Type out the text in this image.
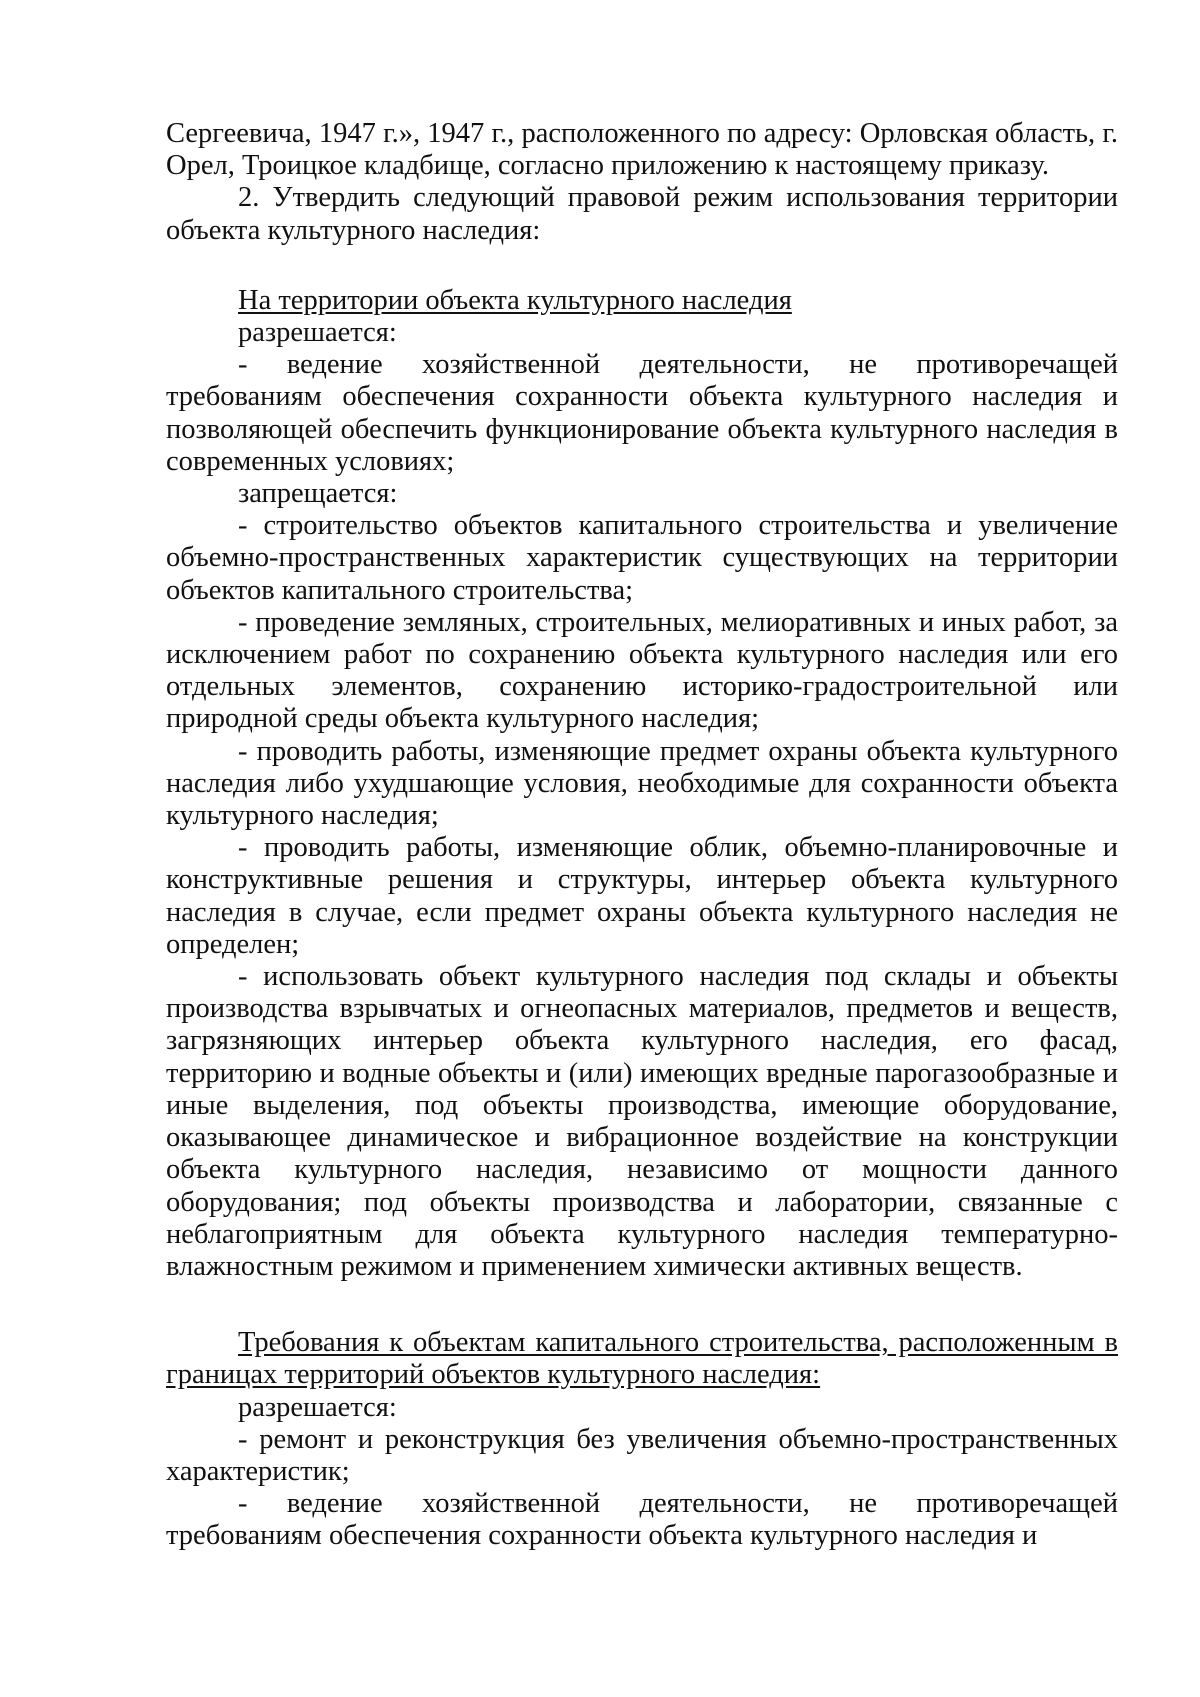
Сергеевича, 1947 г.», 1947 г., расположенного по адресу: Орловская область, г. Орел, Троицкое кладбище, согласно приложению к настоящему приказу.

2. Утвердить следующий правовой режим использования территории объекта культурного наследия:

На территории объекта культурного наследия

разрешается:

- ведение хозяйственной деятельности, не противоречащей требованиям обеспечения сохранности объекта культурного наследия и позволяющей обеспечить функционирование объекта культурного наследия в современных условиях;

запрещается:

- строительство объектов капитального строительства и увеличение объемно-пространственных характеристик существующих на территории объектов капитального строительства;

- проведение земляных, строительных, мелиоративных и иных работ, за исключением работ по сохранению объекта культурного наследия или его отдельных элементов, сохранению историко-градостроительной или природной среды объекта культурного наследия;

- проводить работы, изменяющие предмет охраны объекта культурного наследия либо ухудшающие условия, необходимые для сохранности объекта культурного наследия;

- проводить работы, изменяющие облик, объемно-планировочные и конструктивные решения и структуры, интерьер объекта культурного наследия в случае, если предмет охраны объекта культурного наследия не определен;

- использовать объект культурного наследия под склады и объекты производства взрывчатых и огнеопасных материалов, предметов и веществ, загрязняющих интерьер объекта культурного наследия, его фасад, территорию и водные объекты и (или) имеющих вредные парогазообразные и иные выделения, под объекты производства, имеющие оборудование, оказывающее динамическое и вибрационное воздействие на конструкции объекта культурного наследия, независимо от мощности данного оборудования; под объекты производства и лаборатории, связанные с неблагоприятным для объекта культурного наследия температурно-влажностным режимом и применением химически активных веществ.

Требования к объектам капитального строительства, расположенным в границах территорий объектов культурного наследия:

разрешается:

- ремонт и реконструкция без увеличения объемно-пространственных характеристик;

- ведение хозяйственной деятельности, не противоречащей требованиям обеспечения сохранности объекта культурного наследия и
